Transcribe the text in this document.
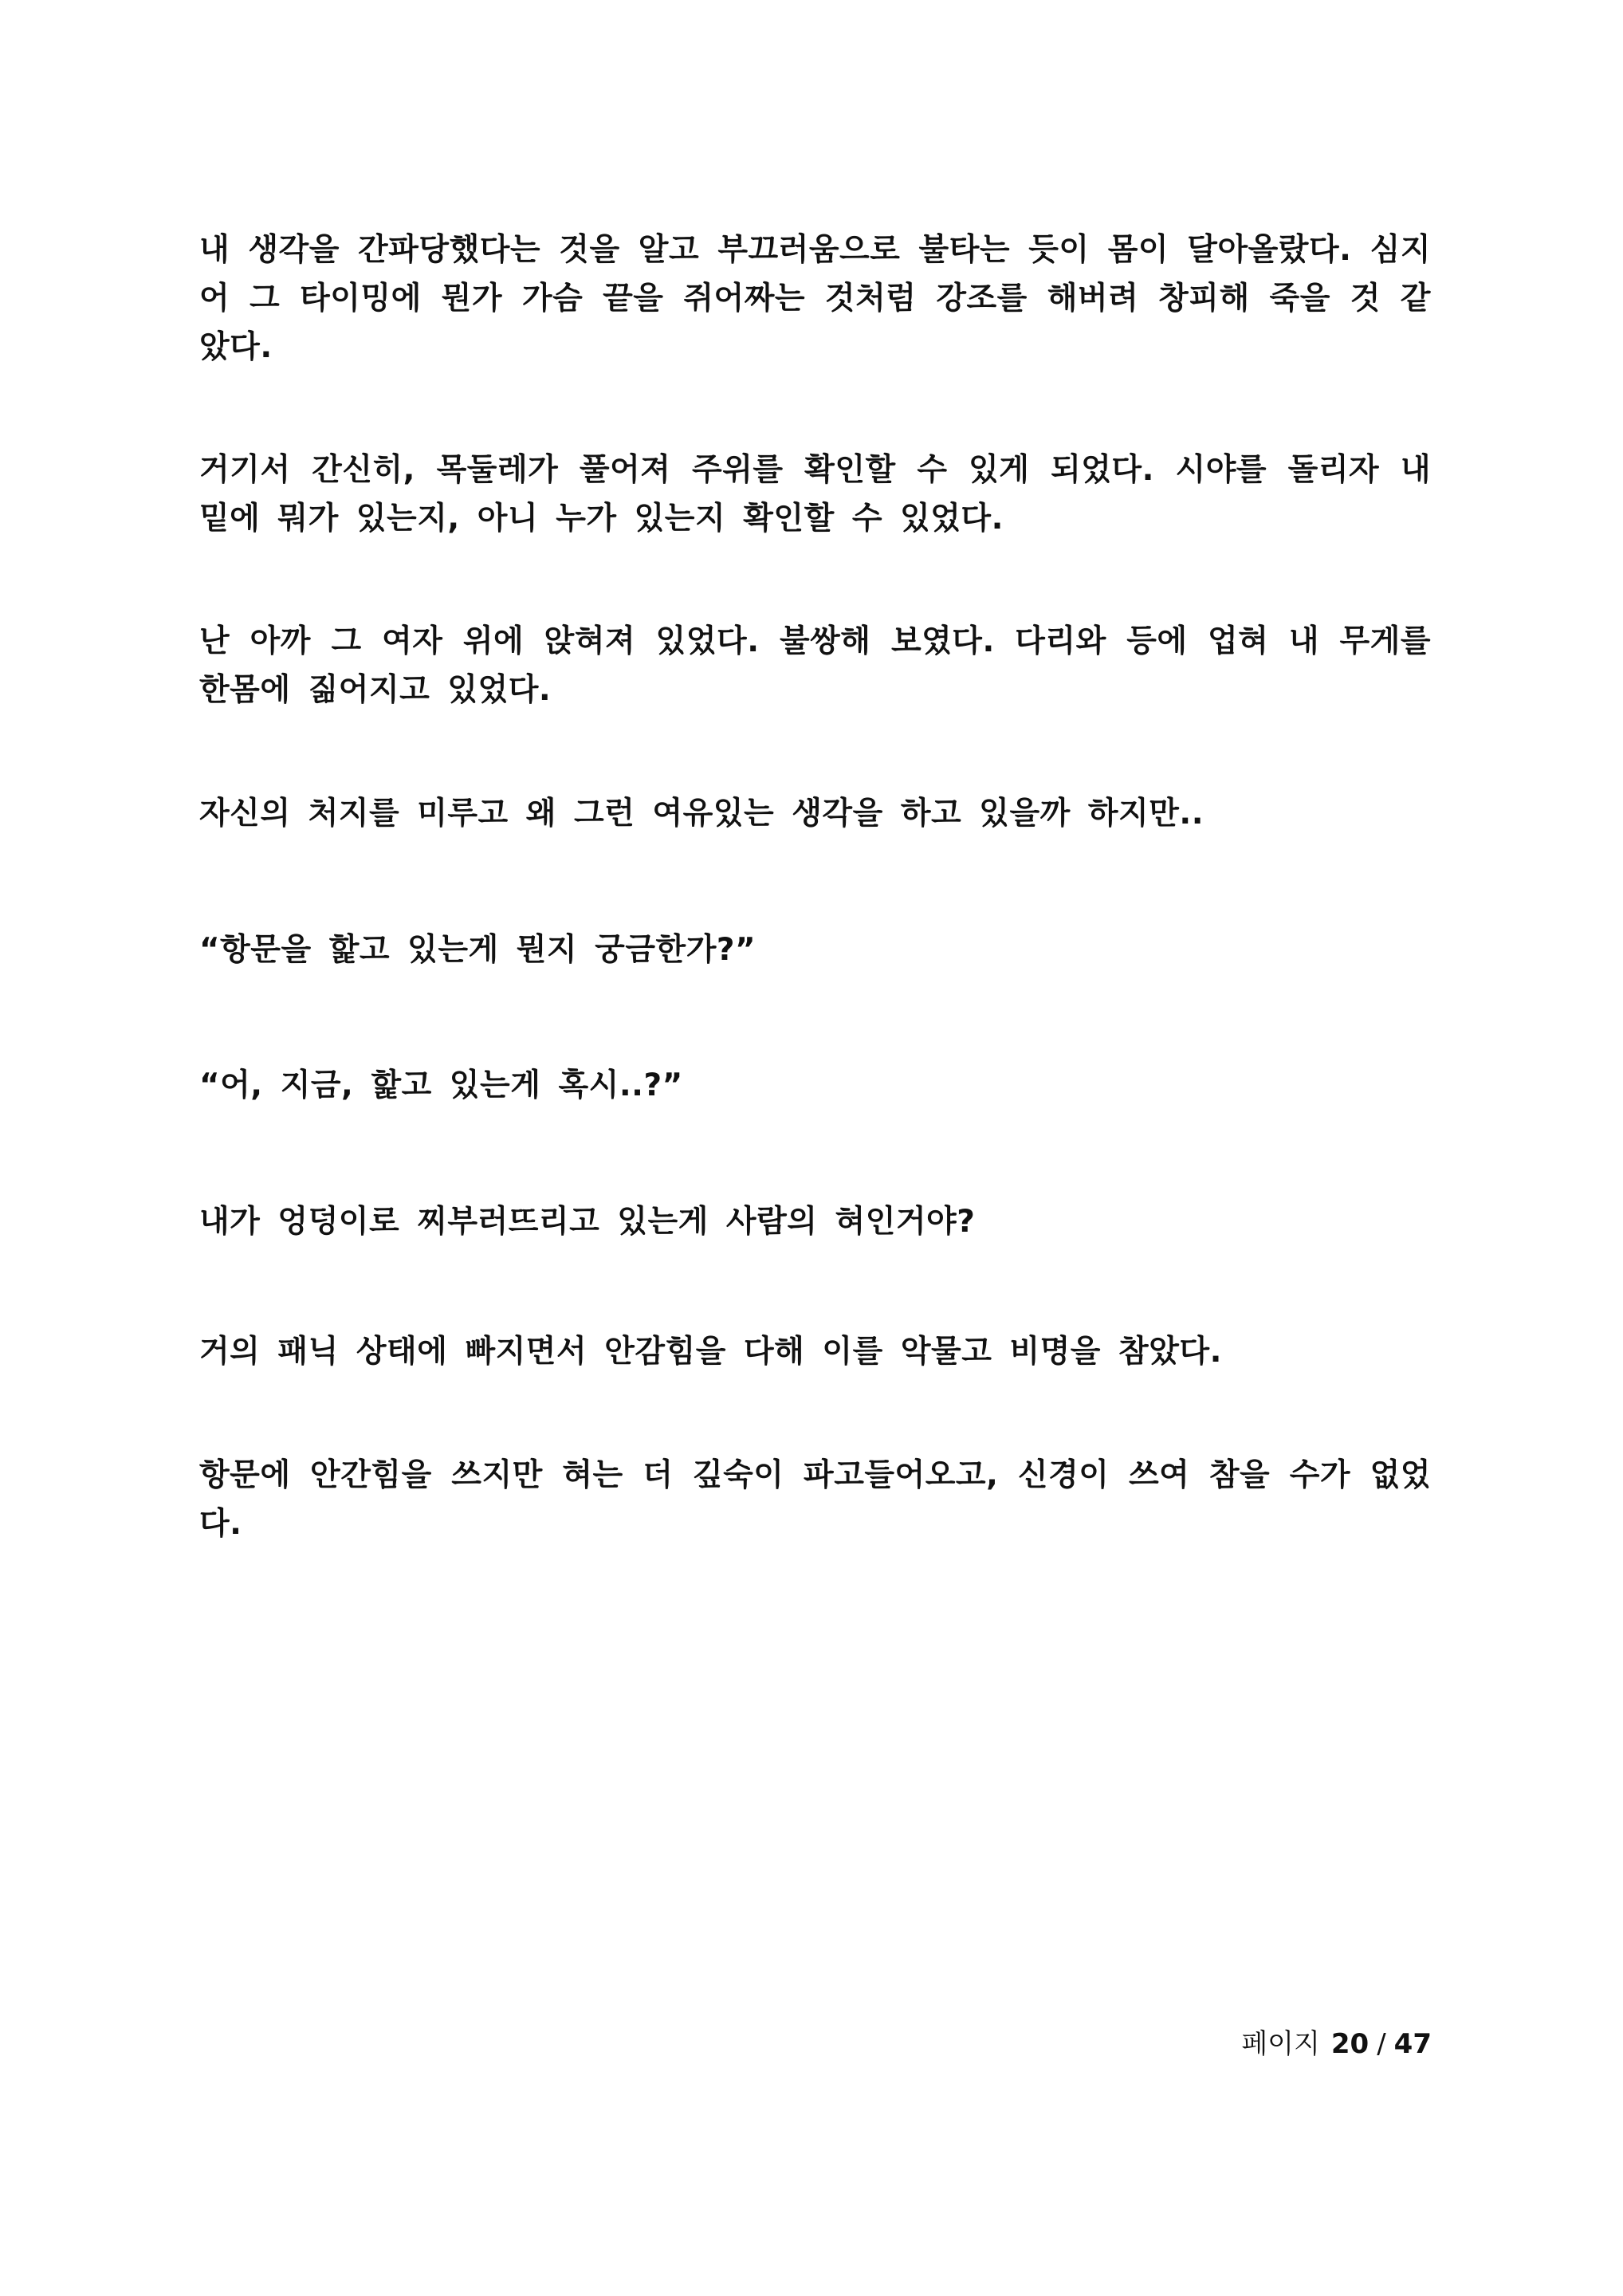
내 생각을 간파당했다는 것을 알고 부끄러움으로 불타는 듯이 몸이 달아올랐다. 심지어 그 타이밍에 뭔가 가슴 끝을 쥐어짜는 것처럼 강조를 해버려 창피해 죽을 것 같았다.

거기서 간신히, 목둘레가 풀어져 주위를 확인할 수 있게 되었다. 시야를 돌리자 내 밑에 뭐가 있는지, 아니 누가 있는지 확인할 수 있었다.

난 아까 그 여자 위에 앉혀져 있었다. 불쌍해 보였다. 다리와 등에 업혀 내 무게를 한몸에 짊어지고 있었다.

자신의 처지를 미루고 왜 그런 여유있는 생각을 하고 있을까 하지만..

“항문을 핥고 있는게 뭔지 궁금한가?”

“어, 지금, 핥고 있는게 혹시..?”

내가 엉덩이로 찌부러뜨리고 있는게 사람의 혀인거야?

거의 패닉 상태에 빠지면서 안감힘을 다해 이를 악물고 비명을 참았다.

항문에 안간힘을 쓰지만 혀는 더 깊숙이 파고들어오고, 신경이 쓰여 참을 수가 없었다.

페이지 20 / 47
